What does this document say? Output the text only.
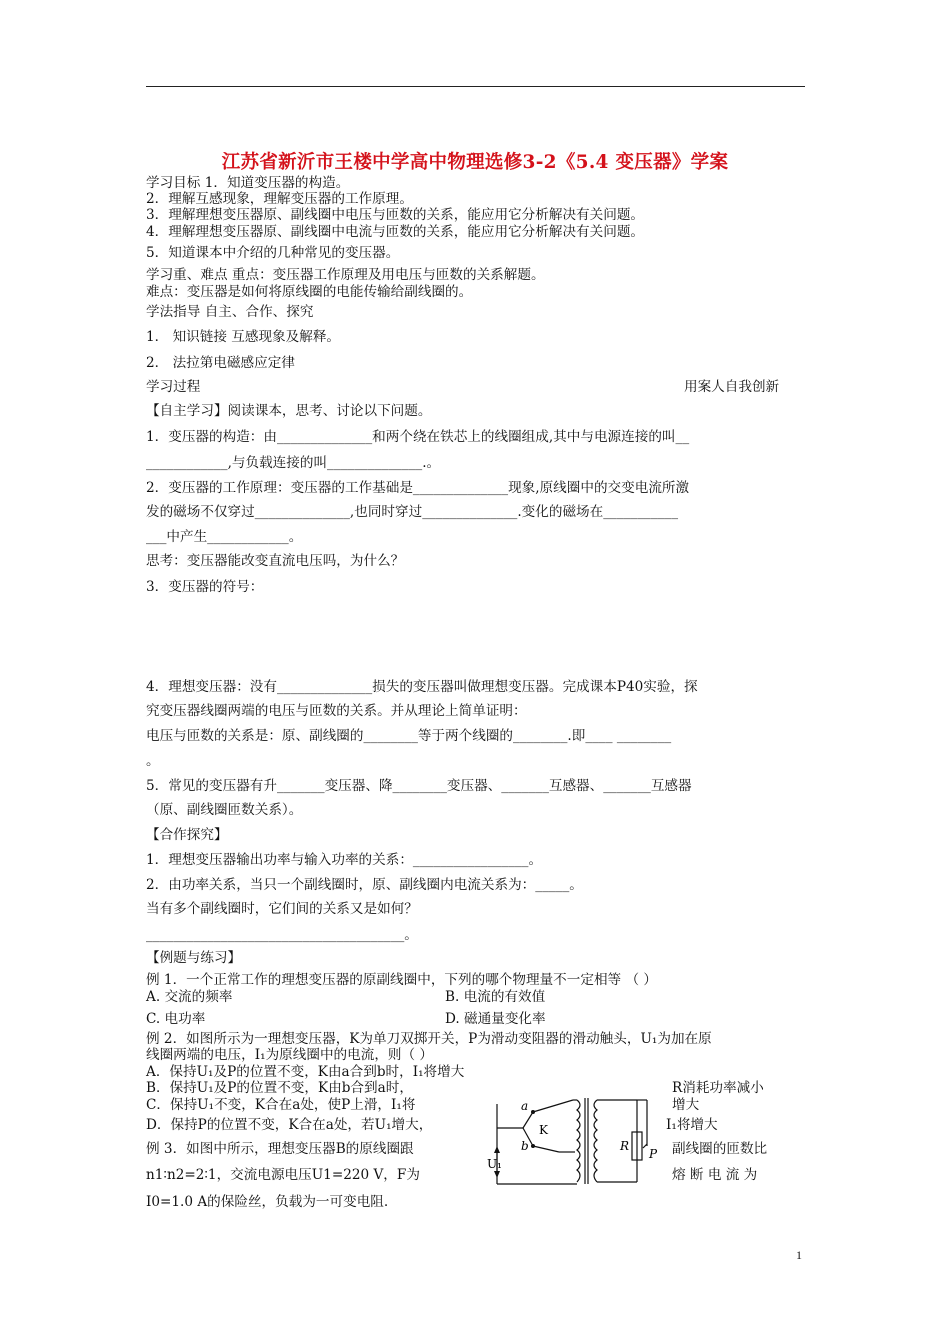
江苏省新沂市王楼中学高中物理选修3-2《5.4 变压器》学案
学习目标 1．知道变压器的构造。
2．理解互感现象，理解变压器的工作原理。
3．理解理想变压器原、副线圈中电压与匝数的关系，能应用它分析解决有关问题。
4．理解理想变压器原、副线圈中电流与匝数的关系，能应用它分析解决有关问题。
5．知道课本中介绍的几种常见的变压器。
学习重、难点 重点：变压器工作原理及用电压与匝数的关系解题。
难点：变压器是如何将原线圈的电能传输给副线圈的。
学法指导 自主、合作、探究
1． 知识链接 互感现象及解释。
2． 法拉第电磁感应定律
学习过程	用案人自我创新
【自主学习】阅读课本，思考、讨论以下问题。
1．变压器的构造：由______________和两个绕在铁芯上的线圈组成,其中与电源连接的叫__
____________,与负载连接的叫______________.。
2．变压器的工作原理：变压器的工作基础是______________现象,原线圈中的交变电流所激
发的磁场不仅穿过______________,也同时穿过______________.变化的磁场在___________
___中产生____________。
思考：变压器能改变直流电压吗，为什么？
3．变压器的符号：
4．理想变压器：没有______________损失的变压器叫做理想变压器。完成课本P40实验，探
究变压器线圈两端的电压与匝数的关系。并从理论上简单证明：
电压与匝数的关系是：原、副线圈的________等于两个线圈的________.即____ ________
。
5．常见的变压器有升_______变压器、降________变压器、_______互感器、_______互感器
（原、副线圈匝数关系）。
【合作探究】
1．理想变压器输出功率与输入功率的关系：_________________。
2．由功率关系，当只一个副线圈时，原、副线圈内电流关系为：_____。
当有多个副线圈时，它们间的关系又是如何？
______________________________________。
【例题与练习】
例 1．一个正常工作的理想变压器的原副线圈中，下列的哪个物理量不一定相等 （ ）
A. 交流的频率	B. 电流的有效值
C. 电功率	D. 磁通量变化率
例 2．如图所示为一理想变压器，K为单刀双掷开关，P为滑动变阻器的滑动触头，U₁为加在原
线圈两端的电压，I₁为原线圈中的电流，则（ ）
A．保持U₁及P的位置不变，K由a合到b时，I₁将增大
B．保持U₁及P的位置不变，K由b合到a时，	R消耗功率减小
C．保持U₁不变，K合在a处，使P上滑，I₁将	增大
D．保持P的位置不变，K合在a处，若U₁增大，	I₁将增大
例 3．如图中所示，理想变压器B的原线圈跟	副线圈的匝数比
n1∶n2=2∶1，交流电源电压U1=220 V，F为	熔 断 电 流 为
I0=1.0 A的保险丝，负载为一可变电阻.
a
b
K
U₁
R
P
1
